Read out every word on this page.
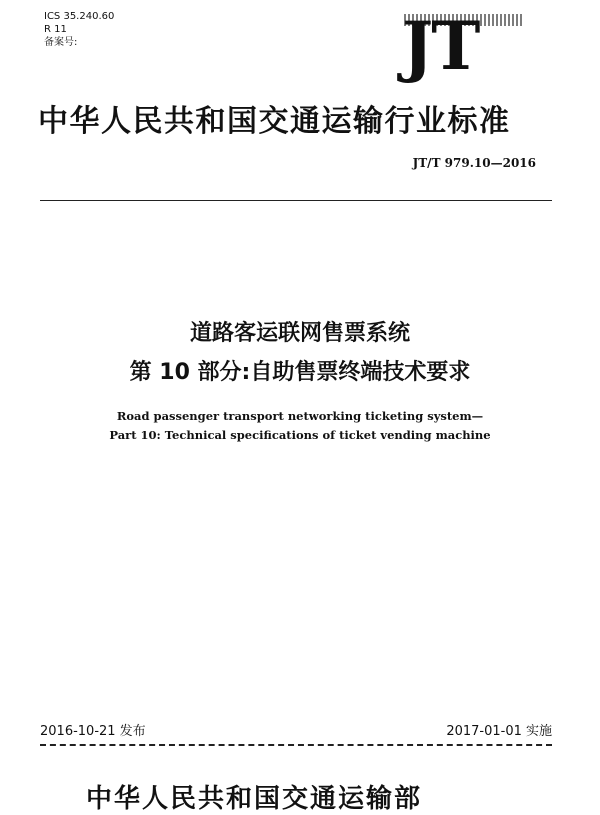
ICS 35.240.60
R 11
备案号:	JT
中华人民共和国交通运输行业标准
JT/T 979.10—2016
道路客运联网售票系统
第 10 部分:自助售票终端技术要求
Road passenger transport networking ticketing system—
Part 10: Technical specifications of ticket vending machine
2016-10-21 发布	2017-01-01 实施
中华人民共和国交通运输部
